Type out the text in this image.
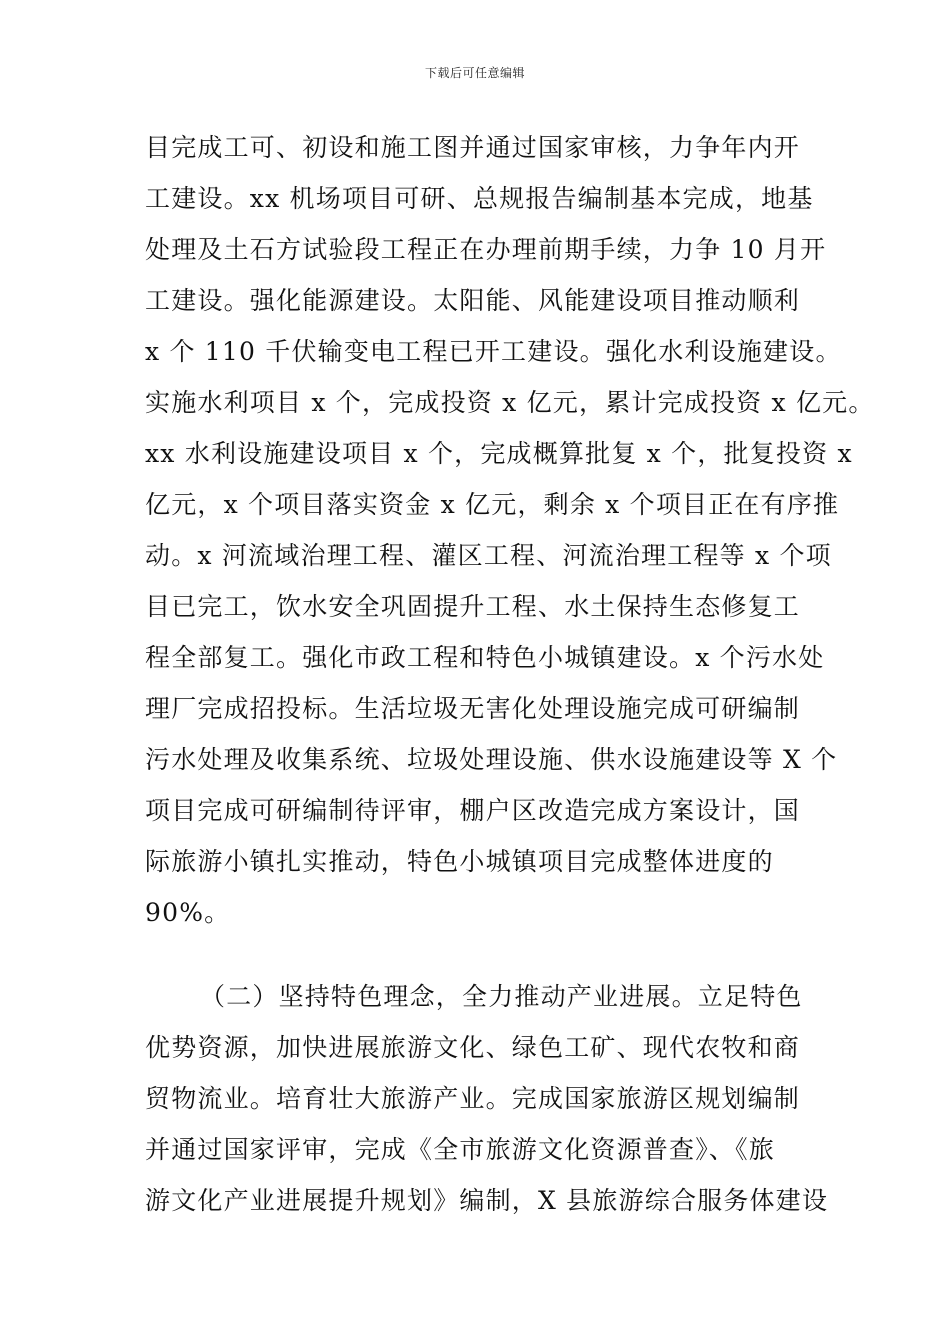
下载后可任意编辑

目完成工可、初设和施工图并通过国家审核，力争年内开

工建设。xx 机场项目可研、总规报告编制基本完成，地基

处理及土石方试验段工程正在办理前期手续，力争 10 月开

工建设。强化能源建设。太阳能、风能建设项目推动顺利

x 个 110 千伏输变电工程已开工建设。强化水利设施建设。

实施水利项目 x 个，完成投资 x 亿元，累计完成投资 x 亿元。

xx 水利设施建设项目 x 个，完成概算批复 x 个，批复投资 x

亿元，x 个项目落实资金 x 亿元，剩余 x 个项目正在有序推

动。x 河流域治理工程、灌区工程、河流治理工程等 x 个项

目已完工，饮水安全巩固提升工程、水土保持生态修复工

程全部复工。强化市政工程和特色小城镇建设。x 个污水处

理厂完成招投标。生活垃圾无害化处理设施完成可研编制

污水处理及收集系统、垃圾处理设施、供水设施建设等 X 个

项目完成可研编制待评审，棚户区改造完成方案设计，国

际旅游小镇扎实推动，特色小城镇项目完成整体进度的

90%。

（二）坚持特色理念，全力推动产业进展。立足特色

优势资源，加快进展旅游文化、绿色工矿、现代农牧和商

贸物流业。培育壮大旅游产业。完成国家旅游区规划编制

并通过国家评审，完成《全市旅游文化资源普查》、《旅

游文化产业进展提升规划》编制，X 县旅游综合服务体建设
